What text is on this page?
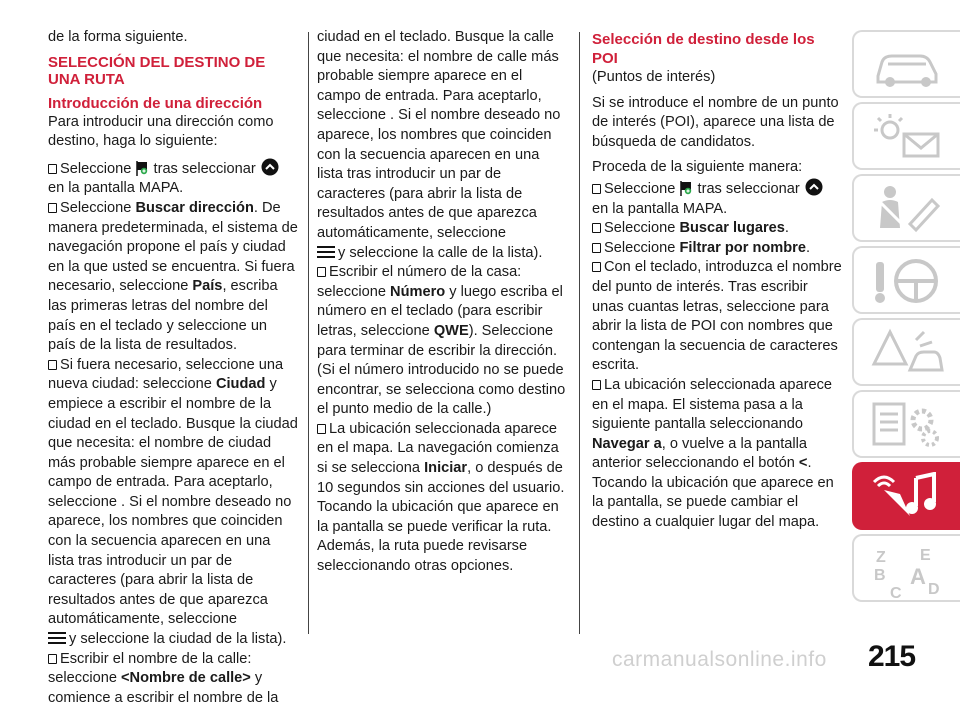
de la forma siguiente.

SELECCIÓN DEL DESTINO DE UNA RUTA
Introducción de una dirección

Para introducir una dirección como destino, haga lo siguiente:

Seleccione tras seleccionar  en la pantalla MAPA.
Seleccione Buscar dirección. De manera predeterminada, el sistema de navegación propone el país y ciudad en la que usted se encuentra. Si fuera necesario, seleccione País, escriba las primeras letras del nombre del país en el teclado y seleccione un país de la lista de resultados.
Si fuera necesario, seleccione una nueva ciudad: seleccione Ciudad y empiece a escribir el nombre de la ciudad en el teclado. Busque la ciudad que necesita: el nombre de ciudad más probable siempre aparece en el campo de entrada. Para aceptarlo, seleccione . Si el nombre deseado no aparece, los nombres que coinciden con la secuencia aparecen en una lista tras introducir un par de caracteres (para abrir la lista de resultados antes de que aparezca automáticamente, seleccione
y seleccione la ciudad de la lista).
Escribir el nombre de la calle: seleccione <Nombre de calle> y comience a escribir el nombre de la
ciudad en el teclado. Busque la calle que necesita: el nombre de calle más probable siempre aparece en el campo de entrada. Para aceptarlo, seleccione . Si el nombre deseado no aparece, los nombres que coinciden con la secuencia aparecen en una lista tras introducir un par de caracteres (para abrir la lista de resultados antes de que aparezca automáticamente, seleccione
y seleccione la calle de la lista).
Escribir el número de la casa: seleccione Número y luego escriba el número en el teclado (para escribir letras, seleccione QWE). Seleccione para terminar de escribir la dirección. (Si el número introducido no se puede encontrar, se selecciona como destino el punto medio de la calle.)
La ubicación seleccionada aparece en el mapa. La navegación comienza si se selecciona Iniciar, o después de 10 segundos sin acciones del usuario. Tocando la ubicación que aparece en la pantalla se puede verificar la ruta. Además, la ruta puede revisarse seleccionando otras opciones.
Selección de destino desde los POI

(Puntos de interés)

Si se introduce el nombre de un punto de interés (POI), aparece una lista de búsqueda de candidatos.

Proceda de la siguiente manera:
Seleccione tras seleccionar  en la pantalla MAPA.
Seleccione Buscar lugares.
Seleccione Filtrar por nombre.
Con el teclado, introduzca el nombre del punto de interés. Tras escribir unas cuantas letras, seleccione para abrir la lista de POI con nombres que contengan la secuencia de caracteres escrita.
La ubicación seleccionada aparece en el mapa. El sistema pasa a la siguiente pantalla seleccionando Navegar a, o vuelve a la pantalla anterior seleccionando el botón <. Tocando la ubicación que aparece en la pantalla, se puede cambiar el destino a cualquier lugar del mapa.
Z E
B A
C D
carmanualsonline.info 215
